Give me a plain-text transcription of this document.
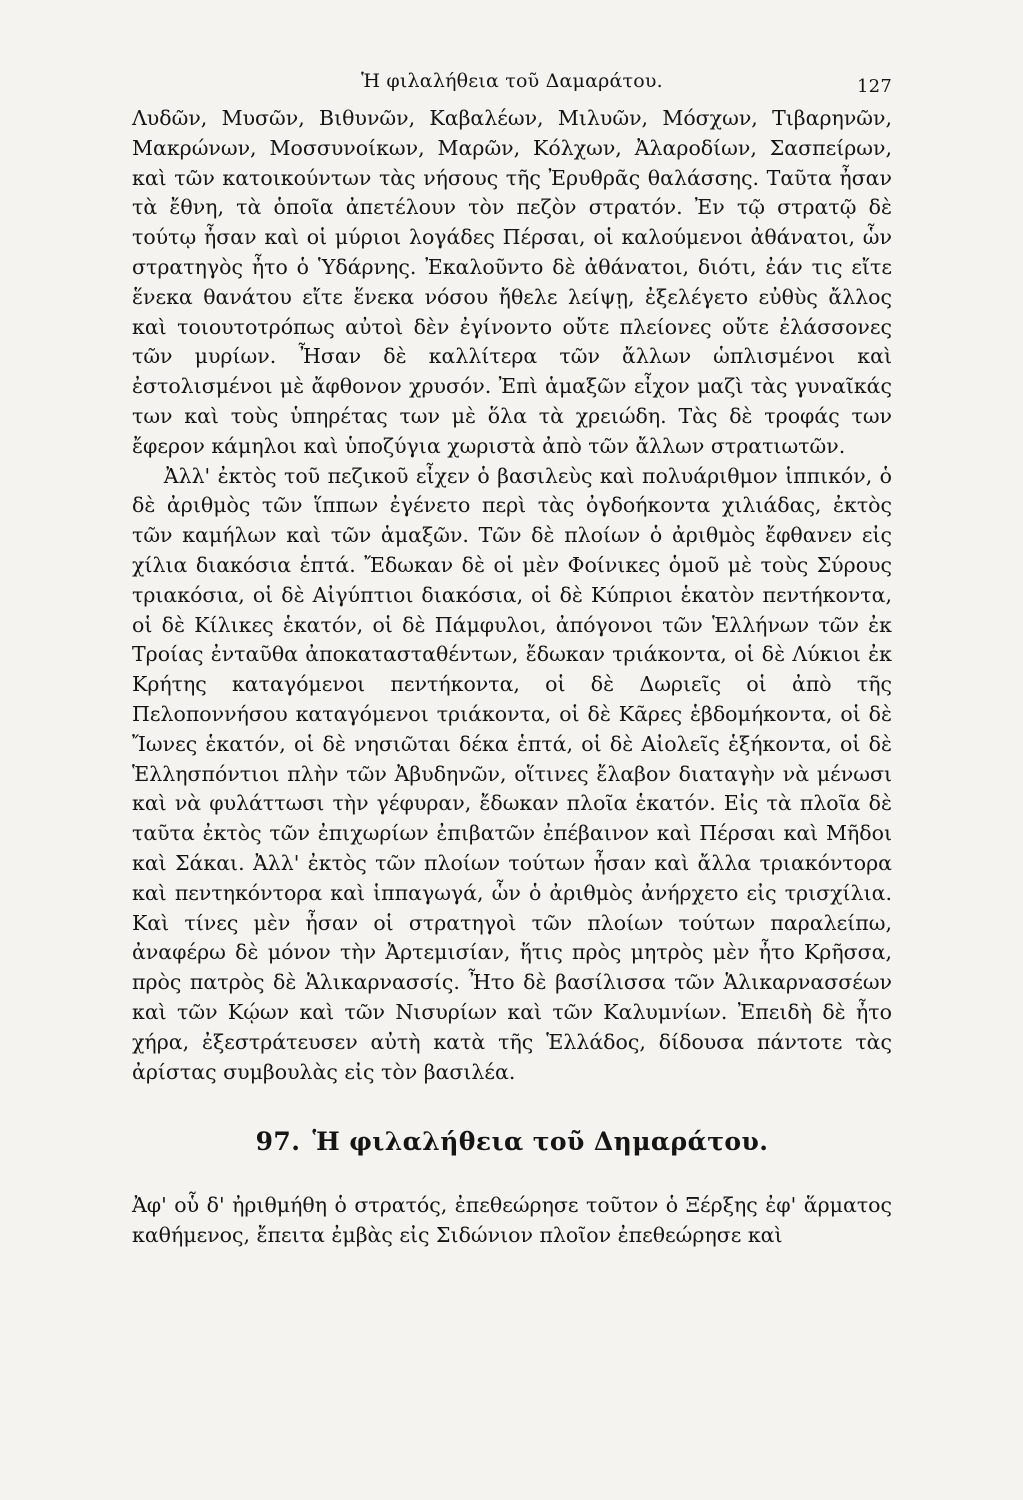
Ἡ φιλαλήθεια τοῦ Δαμαράτου.	127

Λυδῶν, Μυσῶν, Βιθυνῶν, Καβαλέων, Μιλυῶν, Μόσχων, Τιβαρηνῶν, Μακρώνων, Μοσσυνοίκων, Μαρῶν, Κόλχων, Ἀλαροδίων, Σασπείρων, καὶ τῶν κατοικούντων τὰς νήσους τῆς Ἐρυθρᾶς θαλάσσης. Ταῦτα ἦσαν τὰ ἔθνη, τὰ ὁποῖα ἀπετέλουν τὸν πεζὸν στρατόν. Ἐν τῷ στρατῷ δὲ τούτῳ ἦσαν καὶ οἱ μύριοι λογάδες Πέρσαι, οἱ καλούμενοι ἀθάνατοι, ὧν στρατηγὸς ἦτο ὁ Ὑδάρνης. Ἐκαλοῦντο δὲ ἀθάνατοι, διότι, ἐάν τις εἴτε ἕνεκα θανάτου εἴτε ἕνεκα νόσου ἤθελε λείψῃ, ἐξελέγετο εὐθὺς ἄλλος καὶ τοιουτοτρόπως αὐτοὶ δὲν ἐγίνοντο οὔτε πλείονες οὔτε ἐλάσσονες τῶν μυρίων. Ἦσαν δὲ καλλίτερα τῶν ἄλλων ὡπλισμένοι καὶ ἐστολισμένοι μὲ ἄφθονον χρυσόν. Ἐπὶ ἁμαξῶν εἶχον μαζὶ τὰς γυναῖκάς των καὶ τοὺς ὑπηρέτας των μὲ ὅλα τὰ χρειώδη. Τὰς δὲ τροφάς των ἔφερον κάμηλοι καὶ ὑποζύγια χωριστὰ ἀπὸ τῶν ἄλλων στρατιωτῶν.

Ἀλλ' ἐκτὸς τοῦ πεζικοῦ εἶχεν ὁ βασιλεὺς καὶ πολυάριθμον ἱππικόν, ὁ δὲ ἀριθμὸς τῶν ἵππων ἐγένετο περὶ τὰς ὀγδοήκοντα χιλιάδας, ἐκτὸς τῶν καμήλων καὶ τῶν ἁμαξῶν. Τῶν δὲ πλοίων ὁ ἀριθμὸς ἔφθανεν εἰς χίλια διακόσια ἑπτά. Ἔδωκαν δὲ οἱ μὲν Φοίνικες ὁμοῦ μὲ τοὺς Σύρους τριακόσια, οἱ δὲ Αἰγύπτιοι διακόσια, οἱ δὲ Κύπριοι ἑκατὸν πεντήκοντα, οἱ δὲ Κίλικες ἑκατόν, οἱ δὲ Πάμφυλοι, ἀπόγονοι τῶν Ἑλλήνων τῶν ἐκ Τροίας ἐνταῦθα ἀποκατασταθέντων, ἔδωκαν τριάκοντα, οἱ δὲ Λύκιοι ἐκ Κρήτης καταγόμενοι πεντήκοντα, οἱ δὲ Δωριεῖς οἱ ἀπὸ τῆς Πελοποννήσου καταγόμενοι τριάκοντα, οἱ δὲ Κᾶρες ἑβδομήκοντα, οἱ δὲ Ἴωνες ἑκατόν, οἱ δὲ νησιῶται δέκα ἑπτά, οἱ δὲ Αἰολεῖς ἑξήκοντα, οἱ δὲ Ἑλλησπόντιοι πλὴν τῶν Ἀβυδηνῶν, οἵτινες ἔλαβον διαταγὴν νὰ μένωσι καὶ νὰ φυλάττωσι τὴν γέφυραν, ἔδωκαν πλοῖα ἑκατόν. Εἰς τὰ πλοῖα δὲ ταῦτα ἐκτὸς τῶν ἐπιχωρίων ἐπιβατῶν ἐπέβαινον καὶ Πέρσαι καὶ Μῆδοι καὶ Σάκαι. Ἀλλ' ἐκτὸς τῶν πλοίων τούτων ἦσαν καὶ ἄλλα τριακόντορα καὶ πεντηκόντορα καὶ ἱππαγωγά, ὧν ὁ ἀριθμὸς ἀνήρχετο εἰς τρισχίλια. Καὶ τίνες μὲν ἦσαν οἱ στρατηγοὶ τῶν πλοίων τούτων παραλείπω, ἀναφέρω δὲ μόνον τὴν Ἀρτεμισίαν, ἥτις πρὸς μητρὸς μὲν ἦτο Κρῆσσα, πρὸς πατρὸς δὲ Ἁλικαρνασσίς. Ἦτο δὲ βασίλισσα τῶν Ἁλικαρνασσέων καὶ τῶν Κῴων καὶ τῶν Νισυρίων καὶ τῶν Καλυμνίων. Ἐπειδὴ δὲ ἦτο χήρα, ἐξεστράτευσεν αὐτὴ κατὰ τῆς Ἑλλάδος, δίδουσα πάντοτε τὰς ἀρίστας συμβουλὰς εἰς τὸν βασιλέα.

97. Ἡ φιλαλήθεια τοῦ Δημαράτου.

Ἀφ' οὗ δ' ἠριθμήθη ὁ στρατός, ἐπεθεώρησε τοῦτον ὁ Ξέρξης ἐφ' ἅρματος καθήμενος, ἔπειτα ἐμβὰς εἰς Σιδώνιον πλοῖον ἐπεθεώρησε καὶ
